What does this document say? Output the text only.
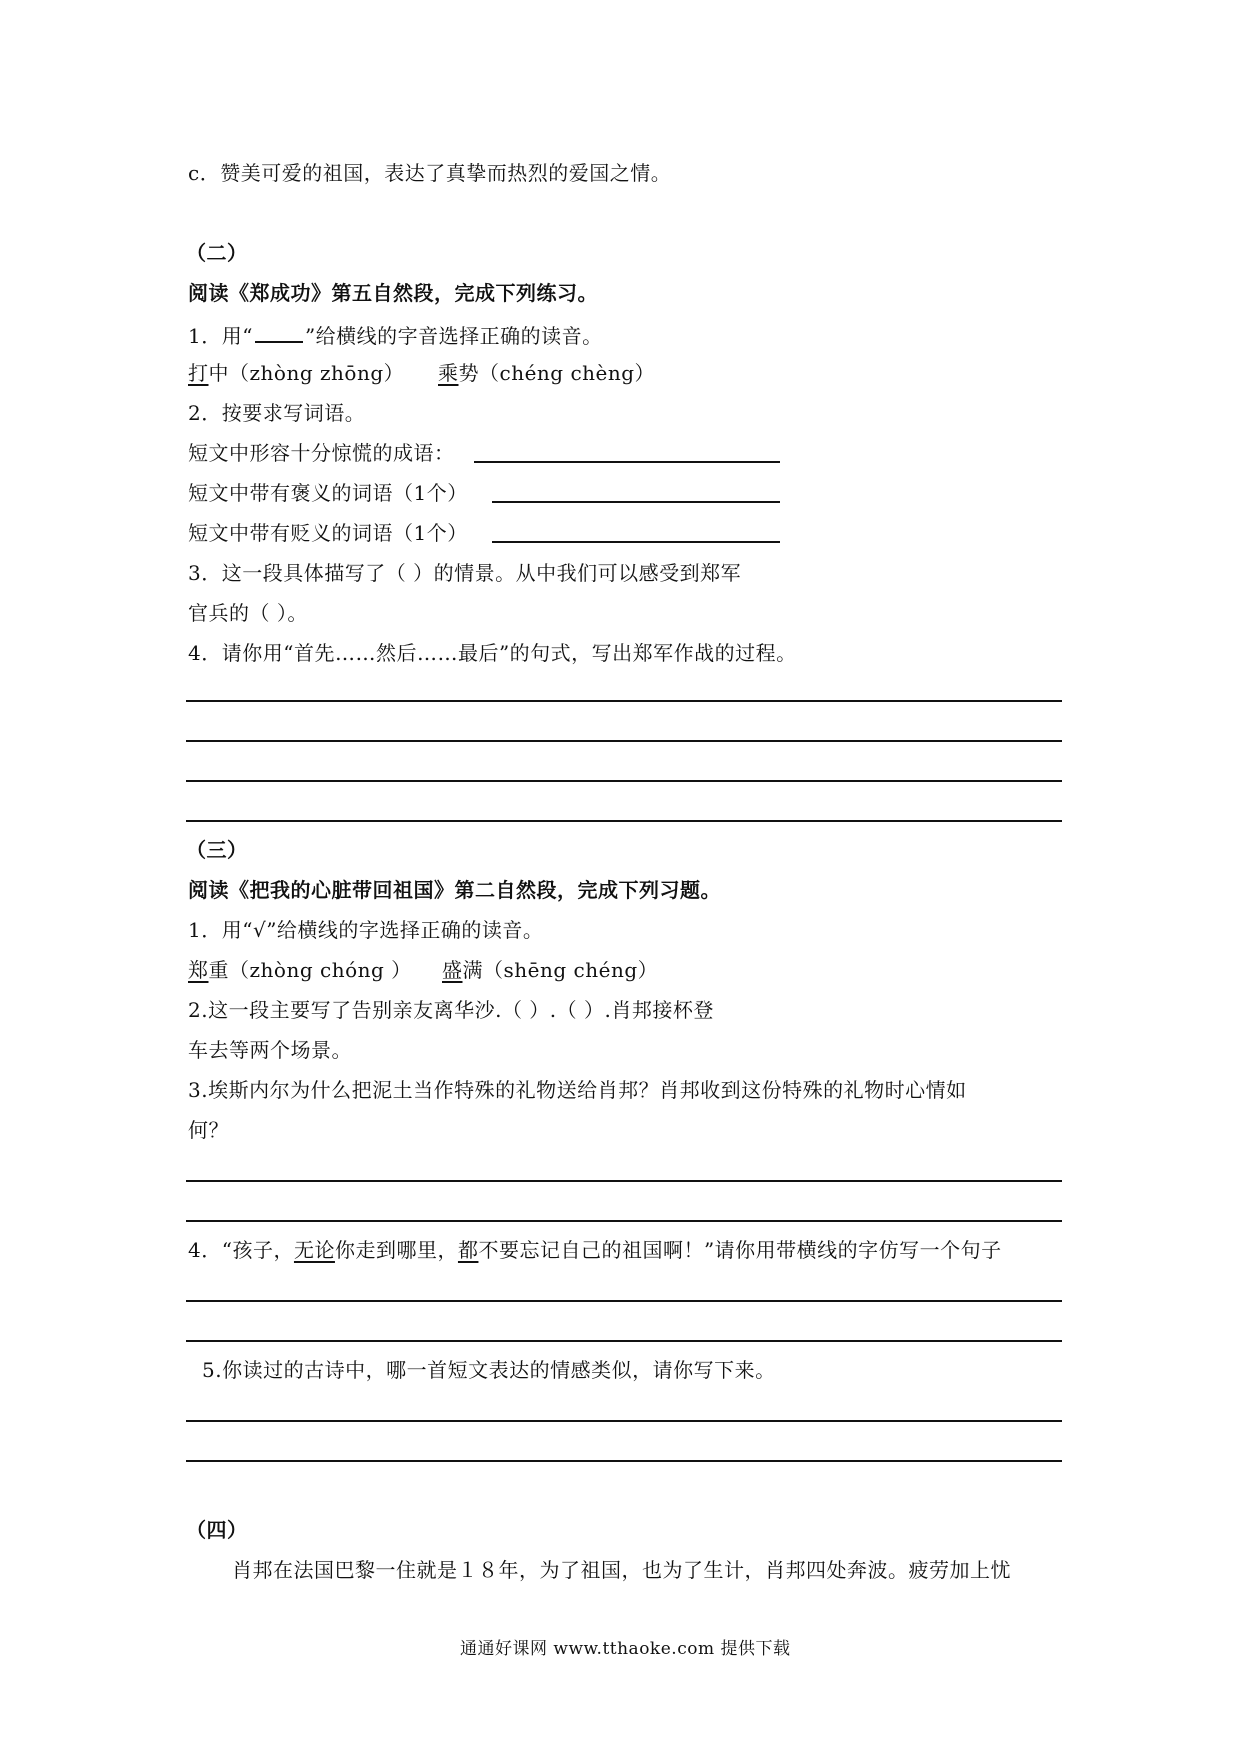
c．赞美可爱的祖国，表达了真挚而热烈的爱国之情。
（二）
阅读《郑成功》第五自然段，完成下列练习。
1．用“	”给横线的字音选择正确的读音。
打中（zhòng zhōng） 乘势（chéng chèng）
2．按要求写词语。
短文中形容十分惊慌的成语：
短文中带有褒义的词语（1个）
短文中带有贬义的词语（1个）
3．这一段具体描写了（ ）的情景。从中我们可以感受到郑军
官兵的（ ）。
4．请你用“首先……然后……最后”的句式，写出郑军作战的过程。
（三）
阅读《把我的心脏带回祖国》第二自然段，完成下列习题。
1．用“√”给横线的字选择正确的读音。
郑重（zhòng chóng ） 盛满（shēng chéng）
2.这一段主要写了告别亲友离华沙.（ ）.（ ）.肖邦接杯登
车去等两个场景。
3.埃斯内尔为什么把泥土当作特殊的礼物送给肖邦？肖邦收到这份特殊的礼物时心情如
何？
4．“孩子，无论你走到哪里，都不要忘记自己的祖国啊！”请你用带横线的字仿写一个句子
5.你读过的古诗中，哪一首短文表达的情感类似，请你写下来。
（四）
肖邦在法国巴黎一住就是１８年，为了祖国，也为了生计，肖邦四处奔波。疲劳加上忧
通通好课网 www.tthaoke.com 提供下载
